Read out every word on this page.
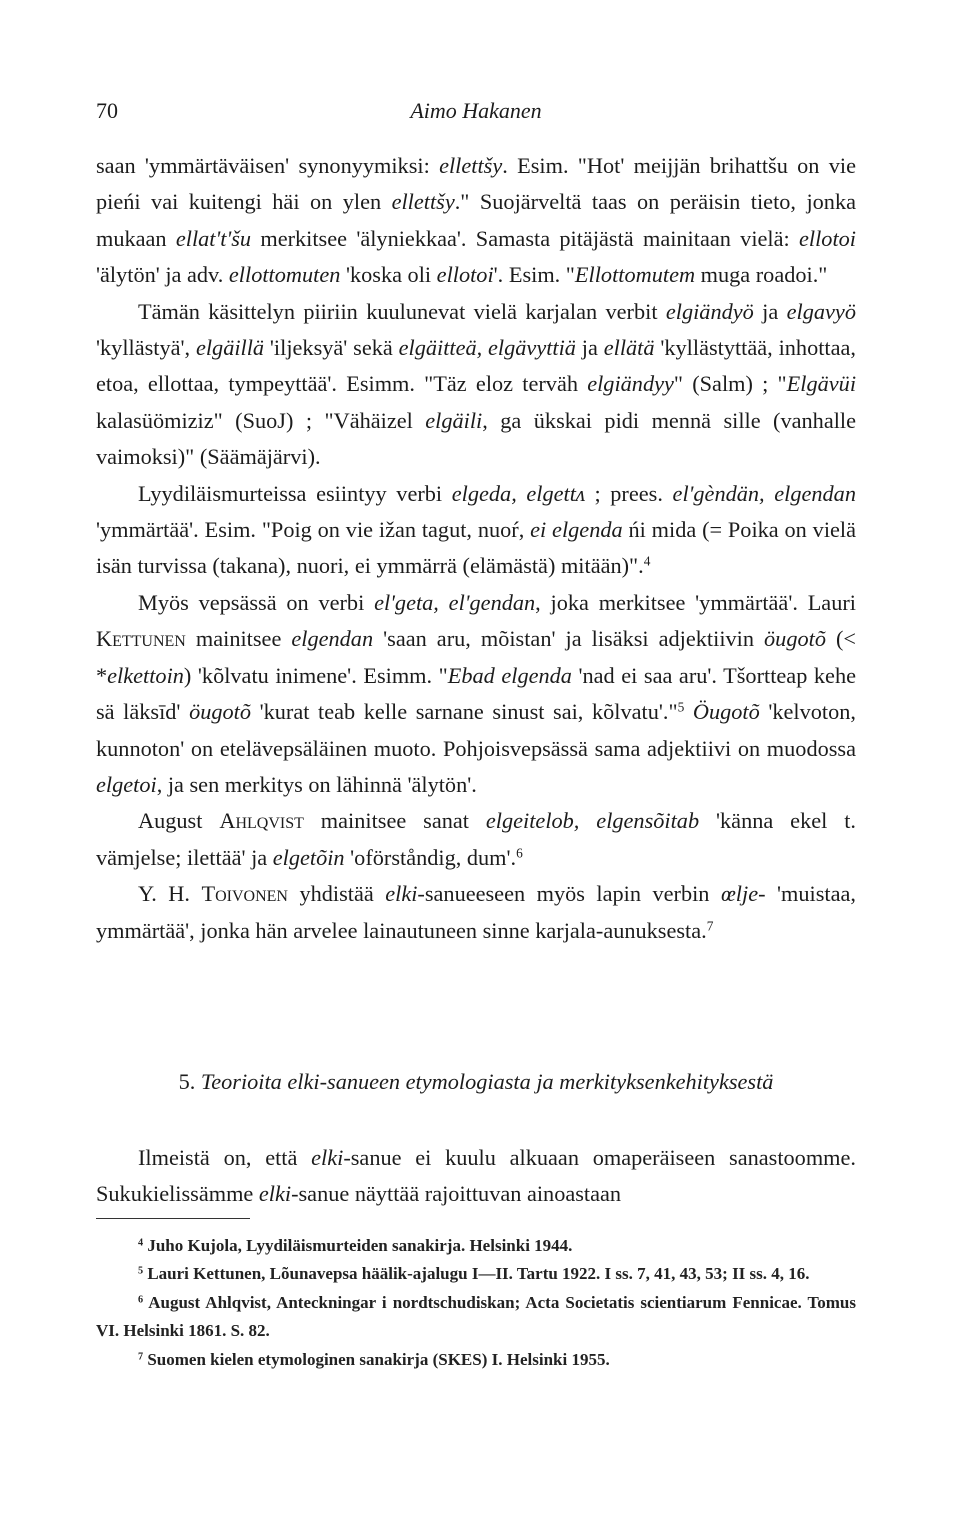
70	Aimo Hakanen

saan 'ymmärtäväisen' synonyymiksi: ellettšy. Esim. "Hot' meijjän brihattšu on vie pieńi vai kuitengi häi on ylen ellettšy." Suojärveltä taas on peräisin tieto, jonka mukaan ellat't'šu merkitsee 'älyniekkaa'. Samasta pitäjästä mainitaan vielä: ellotoi 'älytön' ja adv. ellottomuten 'koska oli ellotoi'. Esim. "Ellottomutem muga roadoi."

Tämän käsittelyn piiriin kuulunevat vielä karjalan verbit elgiändyö ja elgavyö 'kyllästyä', elgäillä 'iljeksyä' sekä elgäitteä, elgävyttiä ja ellätä 'kyllästyttää, inhottaa, etoa, ellottaa, tympeyttää'. Esimm. "Täz eloz terväh elgiändyy" (Salm) ; "Elgävüi kalasüömiziz" (SuoJ) ; "Vähäizel elgäili, ga ükskai pidi mennä sille (vanhalle vaimoksi)" (Säämäjärvi).

Lyydiläismurteissa esiintyy verbi elgeda, elgettᴧ ; prees. el'gèndän, elgendan 'ymmärtää'. Esim. "Poig on vie ižan tagut, nuoŕ, ei elgenda ńi mida (= Poika on vielä isän turvissa (takana), nuori, ei ymmärrä (elämästä) mitään)".$^4$

Myös vepsässä on verbi el'geta, el'gendan, joka merkitsee 'ymmärtää'. Lauri Kettunen mainitsee elgendan 'saan aru, mõistan' ja lisäksi adjektiivin öugotõ (< *elkettoin) 'kõlvatu inimene'. Esimm. "Ebad elgenda 'nad ei saa aru'. Tšortteap kehe sä läksīd' öugotõ 'kurat teab kelle sarnane sinust sai, kõlvatu'."$^5$ Öugotõ 'kelvoton, kunnoton' on etelävepsäläinen muoto. Pohjoisvepsässä sama adjektiivi on muodossa elgetoi, ja sen merkitys on lähinnä 'älytön'.

August Ahlqvist mainitsee sanat elgeitelob, elgensõitab 'känna ekel t. vämjelse; ilettää' ja elgetõin 'oförståndig, dum'.$^6$

Y. H. Toivonen yhdistää elki-sanueeseen myös lapin verbin œlje- 'muistaa, ymmärtää', jonka hän arvelee lainautuneen sinne karjala-aunuksesta.$^7$

5. Teorioita elki-sanueen etymologiasta ja merkityksenkehityksestä

Ilmeistä on, että elki-sanue ei kuulu alkuaan omaperäiseen sanastoomme. Sukukielissämme elki-sanue näyttää rajoittuvan ainoastaan

$^4$ Juho Kujola, Lyydiläismurteiden sanakirja. Helsinki 1944.

$^5$ Lauri Kettunen, Lõunavepsa häälik-ajalugu I—II. Tartu 1922. I ss. 7, 41, 43, 53; II ss. 4, 16.

$^6$ August Ahlqvist, Anteckningar i nordtschudiskan; Acta Societatis scientiarum Fennicae. Tomus VI. Helsinki 1861. S. 82.

$^7$ Suomen kielen etymologinen sanakirja (SKES) I. Helsinki 1955.
